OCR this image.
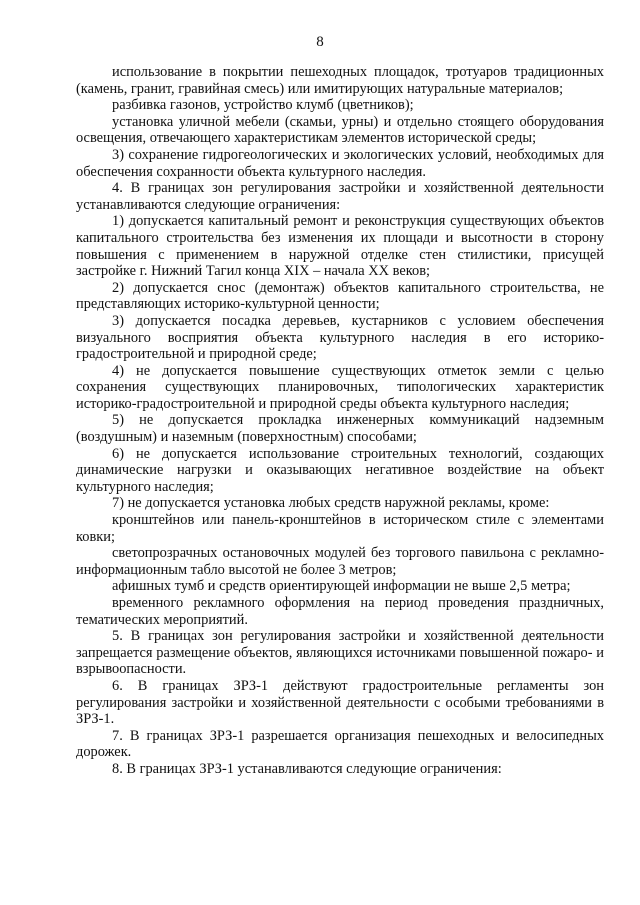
8

использование в покрытии пешеходных площадок, тротуаров традиционных (камень, гранит, гравийная смесь) или имитирующих натуральные материалов;

разбивка газонов, устройство клумб (цветников);

установка уличной мебели (скамьи, урны) и отдельно стоящего оборудования освещения, отвечающего характеристикам элементов исторической среды;

3) сохранение гидрогеологических и экологических условий, необходимых для обеспечения сохранности объекта культурного наследия.

4. В границах зон регулирования застройки и хозяйственной деятельности устанавливаются следующие ограничения:

1) допускается капитальный ремонт и реконструкция существующих объектов капитального строительства без изменения их площади и высотности в сторону повышения с применением в наружной отделке стен стилистики, присущей застройке г. Нижний Тагил конца XIX – начала XX веков;

2) допускается снос (демонтаж) объектов капитального строительства, не представляющих историко-культурной ценности;

3) допускается посадка деревьев, кустарников с условием обеспечения визуального восприятия объекта культурного наследия в его историко-градостроительной и природной среде;

4) не допускается повышение существующих отметок земли с целью сохранения существующих планировочных, типологических характеристик историко-градостроительной и природной среды объекта культурного наследия;

5) не допускается прокладка инженерных коммуникаций надземным (воздушным) и наземным (поверхностным) способами;

6) не допускается использование строительных технологий, создающих динамические нагрузки и оказывающих негативное воздействие на объект культурного наследия;

7) не допускается установка любых средств наружной рекламы, кроме:

кронштейнов или панель-кронштейнов в историческом стиле с элементами ковки;

светопрозрачных остановочных модулей без торгового павильона с рекламно-информационным табло высотой не более 3 метров;

афишных тумб и средств ориентирующей информации не выше 2,5 метра;

временного рекламного оформления на период проведения праздничных, тематических мероприятий.

5. В границах зон регулирования застройки и хозяйственной деятельности запрещается размещение объектов, являющихся источниками повышенной пожаро- и взрывоопасности.

6. В границах ЗРЗ-1 действуют градостроительные регламенты зон регулирования застройки и хозяйственной деятельности с особыми требованиями в ЗРЗ-1.

7. В границах ЗРЗ-1 разрешается организация пешеходных и велосипедных дорожек.

8. В границах ЗРЗ-1 устанавливаются следующие ограничения:
